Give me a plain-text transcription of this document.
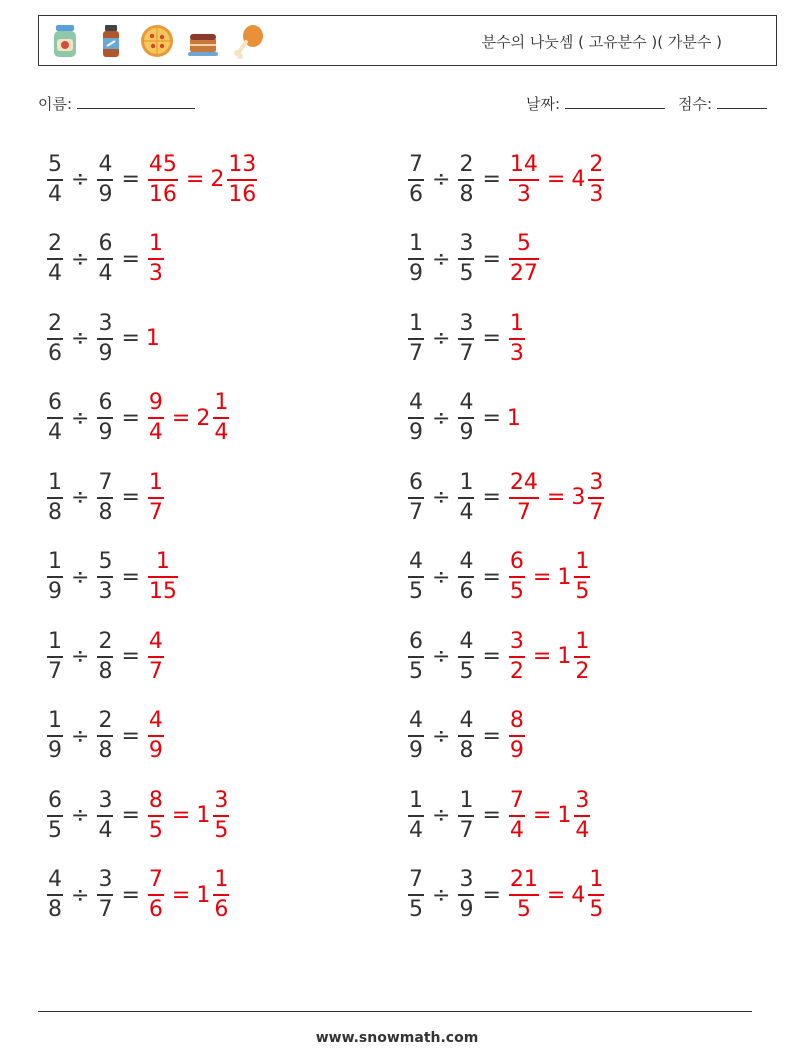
분수의 나눗셈 ( 고유분수 )( 가분수 )
이름:	날짜:	점수:
$\frac{5}{4} \div \frac{4}{9} = \frac{45}{16} = 2 \frac{13}{16}$
$\frac{2}{4} \div \frac{6}{4} = \frac{1}{3}$
$\frac{2}{6} \div \frac{3}{9} = 1$
$\frac{6}{4} \div \frac{6}{9} = \frac{9}{4} = 2 \frac{1}{4}$
$\frac{1}{8} \div \frac{7}{8} = \frac{1}{7}$
$\frac{1}{9} \div \frac{5}{3} = \frac{1}{15}$
$\frac{1}{7} \div \frac{2}{8} = \frac{4}{7}$
$\frac{1}{9} \div \frac{2}{8} = \frac{4}{9}$
$\frac{6}{5} \div \frac{3}{4} = \frac{8}{5} = 1 \frac{3}{5}$
$\frac{4}{8} \div \frac{3}{7} = \frac{7}{6} = 1 \frac{1}{6}$
$\frac{7}{6} \div \frac{2}{8} = \frac{14}{3} = 4 \frac{2}{3}$
$\frac{1}{9} \div \frac{3}{5} = \frac{5}{27}$
$\frac{1}{7} \div \frac{3}{7} = \frac{1}{3}$
$\frac{4}{9} \div \frac{4}{9} = 1$
$\frac{6}{7} \div \frac{1}{4} = \frac{24}{7} = 3 \frac{3}{7}$
$\frac{4}{5} \div \frac{4}{6} = \frac{6}{5} = 1 \frac{1}{5}$
$\frac{6}{5} \div \frac{4}{5} = \frac{3}{2} = 1 \frac{1}{2}$
$\frac{4}{9} \div \frac{4}{8} = \frac{8}{9}$
$\frac{1}{4} \div \frac{1}{7} = \frac{7}{4} = 1 \frac{3}{4}$
$\frac{7}{5} \div \frac{3}{9} = \frac{21}{5} = 4 \frac{1}{5}$
www.snowmath.com
